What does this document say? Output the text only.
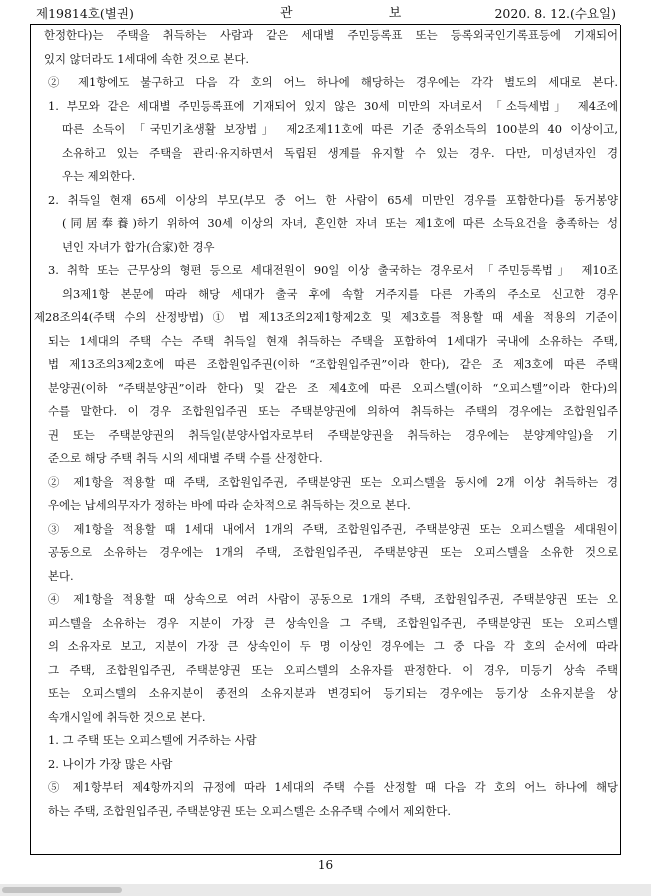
제19814호(별권)	관 보	2020. 8. 12.(수요일)
한정한다)는 주택을 취득하는 사람과 같은 세대별 주민등록표 또는 등록외국인기록표등에 기재되어
있지 않더라도 1세대에 속한 것으로 본다.
② 제1항에도 불구하고 다음 각 호의 어느 하나에 해당하는 경우에는 각각 별도의 세대로 본다.
1. 부모와 같은 세대별 주민등록표에 기재되어 있지 않은 30세 미만의 자녀로서 「소득세법」 제4조에
따른 소득이 「국민기초생활 보장법」 제2조제11호에 따른 기준 중위소득의 100분의 40 이상이고,
소유하고 있는 주택을 관리·유지하면서 독립된 생계를 유지할 수 있는 경우. 다만, 미성년자인 경
우는 제외한다.
2. 취득일 현재 65세 이상의 부모(부모 중 어느 한 사람이 65세 미만인 경우를 포함한다)를 동거봉양
(同居奉養)하기 위하여 30세 이상의 자녀, 혼인한 자녀 또는 제1호에 따른 소득요건을 충족하는 성
년인 자녀가 합가(合家)한 경우
3. 취학 또는 근무상의 형편 등으로 세대전원이 90일 이상 출국하는 경우로서 「주민등록법」 제10조
의3제1항 본문에 따라 해당 세대가 출국 후에 속할 거주지를 다른 가족의 주소로 신고한 경우
제28조의4(주택 수의 산정방법) ① 법 제13조의2제1항제2호 및 제3호를 적용할 때 세율 적용의 기준이
되는 1세대의 주택 수는 주택 취득일 현재 취득하는 주택을 포함하여 1세대가 국내에 소유하는 주택,
법 제13조의3제2호에 따른 조합원입주권(이하 “조합원입주권”이라 한다), 같은 조 제3호에 따른 주택
분양권(이하 “주택분양권”이라 한다) 및 같은 조 제4호에 따른 오피스텔(이하 “오피스텔”이라 한다)의
수를 말한다. 이 경우 조합원입주권 또는 주택분양권에 의하여 취득하는 주택의 경우에는 조합원입주
권 또는 주택분양권의 취득일(분양사업자로부터 주택분양권을 취득하는 경우에는 분양계약일)을 기
준으로 해당 주택 취득 시의 세대별 주택 수를 산정한다.
② 제1항을 적용할 때 주택, 조합원입주권, 주택분양권 또는 오피스텔을 동시에 2개 이상 취득하는 경
우에는 납세의무자가 정하는 바에 따라 순차적으로 취득하는 것으로 본다.
③ 제1항을 적용할 때 1세대 내에서 1개의 주택, 조합원입주권, 주택분양권 또는 오피스텔을 세대원이
공동으로 소유하는 경우에는 1개의 주택, 조합원입주권, 주택분양권 또는 오피스텔을 소유한 것으로
본다.
④ 제1항을 적용할 때 상속으로 여러 사람이 공동으로 1개의 주택, 조합원입주권, 주택분양권 또는 오
피스텔을 소유하는 경우 지분이 가장 큰 상속인을 그 주택, 조합원입주권, 주택분양권 또는 오피스텔
의 소유자로 보고, 지분이 가장 큰 상속인이 두 명 이상인 경우에는 그 중 다음 각 호의 순서에 따라
그 주택, 조합원입주권, 주택분양권 또는 오피스텔의 소유자를 판정한다. 이 경우, 미등기 상속 주택
또는 오피스텔의 소유지분이 종전의 소유지분과 변경되어 등기되는 경우에는 등기상 소유지분을 상
속개시일에 취득한 것으로 본다.
1. 그 주택 또는 오피스텔에 거주하는 사람
2. 나이가 가장 많은 사람
⑤ 제1항부터 제4항까지의 규정에 따라 1세대의 주택 수를 산정할 때 다음 각 호의 어느 하나에 해당
하는 주택, 조합원입주권, 주택분양권 또는 오피스텔은 소유주택 수에서 제외한다.
16
